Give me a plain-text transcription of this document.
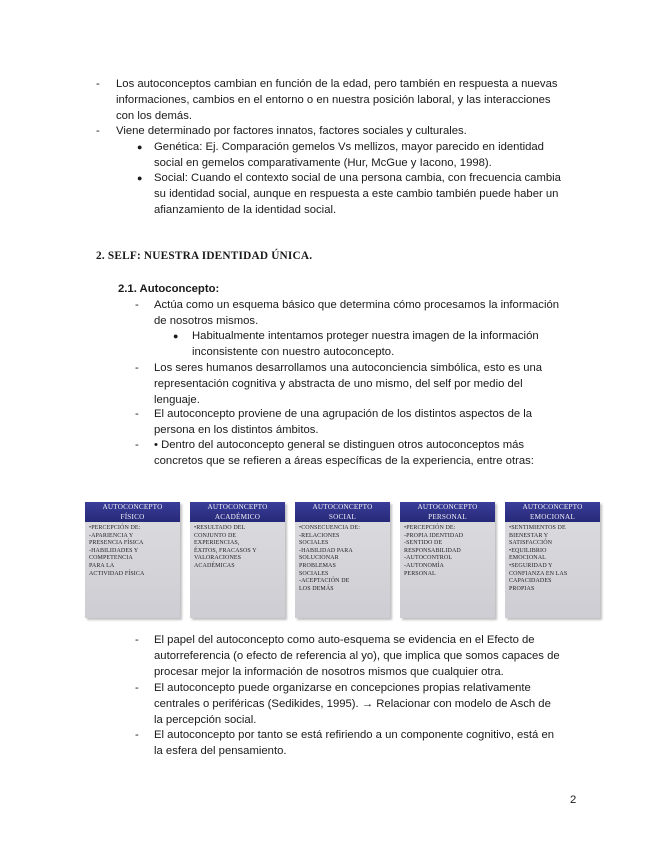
- Los autoconceptos cambian en función de la edad, pero también en respuesta a nuevas
informaciones, cambios en el entorno o en nuestra posición laboral, y las interacciones
con los demás.
- Viene determinado por factores innatos, factores sociales y culturales.
● Genética: Ej. Comparación gemelos Vs mellizos, mayor parecido en identidad
social en gemelos comparativamente (Hur, McGue y Iacono, 1998).
● Social: Cuando el contexto social de una persona cambia, con frecuencia cambia
su identidad social, aunque en respuesta a este cambio también puede haber un
afianzamiento de la identidad social.
2. SELF: NUESTRA IDENTIDAD ÚNICA.
2.1. Autoconcepto:
- Actúa como un esquema básico que determina cómo procesamos la información
de nosotros mismos.
● Habitualmente intentamos proteger nuestra imagen de la información
inconsistente con nuestro autoconcepto.
- Los seres humanos desarrollamos una autoconciencia simbólica, esto es una
representación cognitiva y abstracta de uno mismo, del self por medio del
lenguaje.
- El autoconcepto proviene de una agrupación de los distintos aspectos de la
persona en los distintos ámbitos.
- • Dentro del autoconcepto general se distinguen otros autoconceptos más
concretos que se refieren a áreas específicas de la experiencia, entre otras:
AUTOCONCEPTO
FÍSICO
•PERCEPCIÓN DE:
-APARIENCIA Y
PRESENCIA FÍSICA
-HABILIDADES Y
COMPETENCIA
PARA LA
ACTIVIDAD FÍSICA
AUTOCONCEPTO
ACADÉMICO
•RESULTADO DEL
CONJUNTO DE
EXPERIENCIAS,
ÉXITOS, FRACASOS Y
VALORACIONES
ACADÉMICAS
AUTOCONCEPTO
SOCIAL
•CONSECUENCIA DE:
-RELACIONES
SOCIALES
-HABILIDAD PARA
SOLUCIONAR
PROBLEMAS
SOCIALES
-ACEPTACIÓN DE
LOS DEMÁS
AUTOCONCEPTO
PERSONAL
•PERCEPCIÓN DE:
-PROPIA IDENTIDAD
-SENTIDO DE
RESPONSABILIDAD
-AUTOCONTROL
-AUTONOMÍA
PERSONAL
AUTOCONCEPTO
EMOCIONAL
•SENTIMIENTOS DE
BIENESTAR Y
SATISFACCIÓN
•EQUILIBRIO
EMOCIONAL
•SEGURIDAD Y
CONFIANZA EN LAS
CAPACIDADES
PROPIAS
- El papel del autoconcepto como auto-esquema se evidencia en el Efecto de
autorreferencia (o efecto de referencia al yo), que implica que somos capaces de
procesar mejor la información de nosotros mismos que cualquier otra.
- El autoconcepto puede organizarse en concepciones propias relativamente
centrales o periféricas (Sedikides, 1995). → Relacionar con modelo de Asch de
la percepción social.
- El autoconcepto por tanto se está refiriendo a un componente cognitivo, está en
la esfera del pensamiento.
2
